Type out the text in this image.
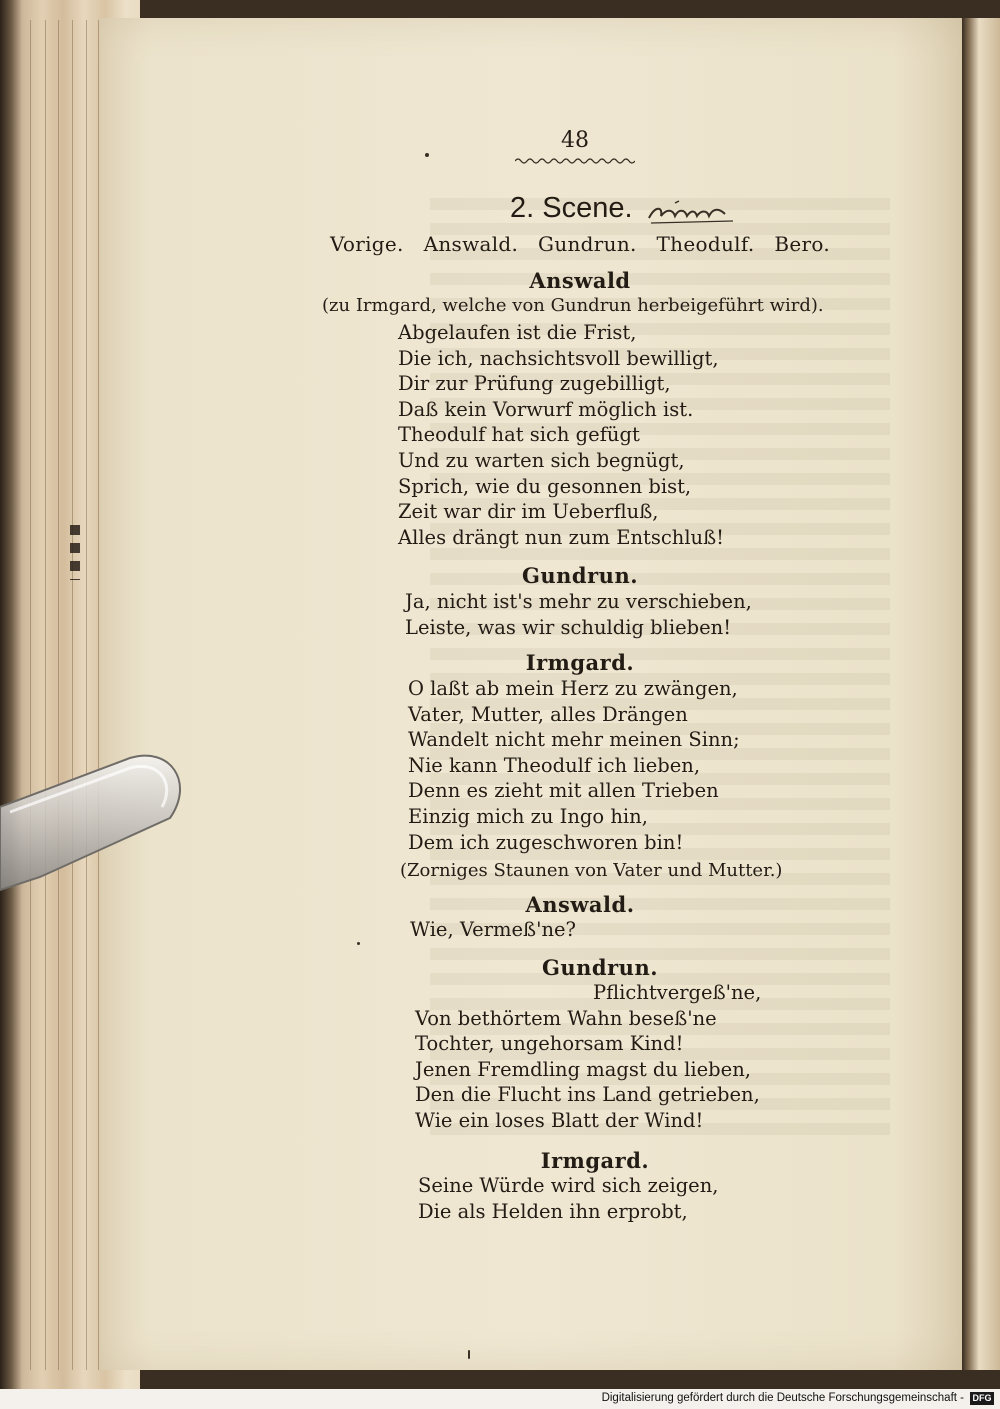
48
2. Scene.
Vorige. Answald. Gundrun. Theodulf. Bero.
Answald
(zu Irmgard, welche von Gundrun herbeigeführt wird).
Abgelaufen ist die Frist,
Die ich, nachsichtsvoll bewilligt,
Dir zur Prüfung zugebilligt,
Daß kein Vorwurf möglich ist.
Theodulf hat sich gefügt
Und zu warten sich begnügt,
Sprich, wie du gesonnen bist,
Zeit war dir im Ueberfluß,
Alles drängt nun zum Entschluß!
Gundrun.
Ja, nicht ist's mehr zu verschieben,
Leiste, was wir schuldig blieben!
Irmgard.
O laßt ab mein Herz zu zwängen,
Vater, Mutter, alles Drängen
Wandelt nicht mehr meinen Sinn;
Nie kann Theodulf ich lieben,
Denn es zieht mit allen Trieben
Einzig mich zu Ingo hin,
Dem ich zugeschworen bin!
(Zorniges Staunen von Vater und Mutter.)
Answald.
Wie, Vermeß'ne?
Gundrun.
Pflichtvergeß'ne,
Von bethörtem Wahn beseß'ne
Tochter, ungehorsam Kind!
Jenen Fremdling magst du lieben,
Den die Flucht ins Land getrieben,
Wie ein loses Blatt der Wind!
Irmgard.
Seine Würde wird sich zeigen,
Die als Helden ihn erprobt,
Digitalisierung gefördert durch die Deutsche Forschungsgemeinschaft - DFG
